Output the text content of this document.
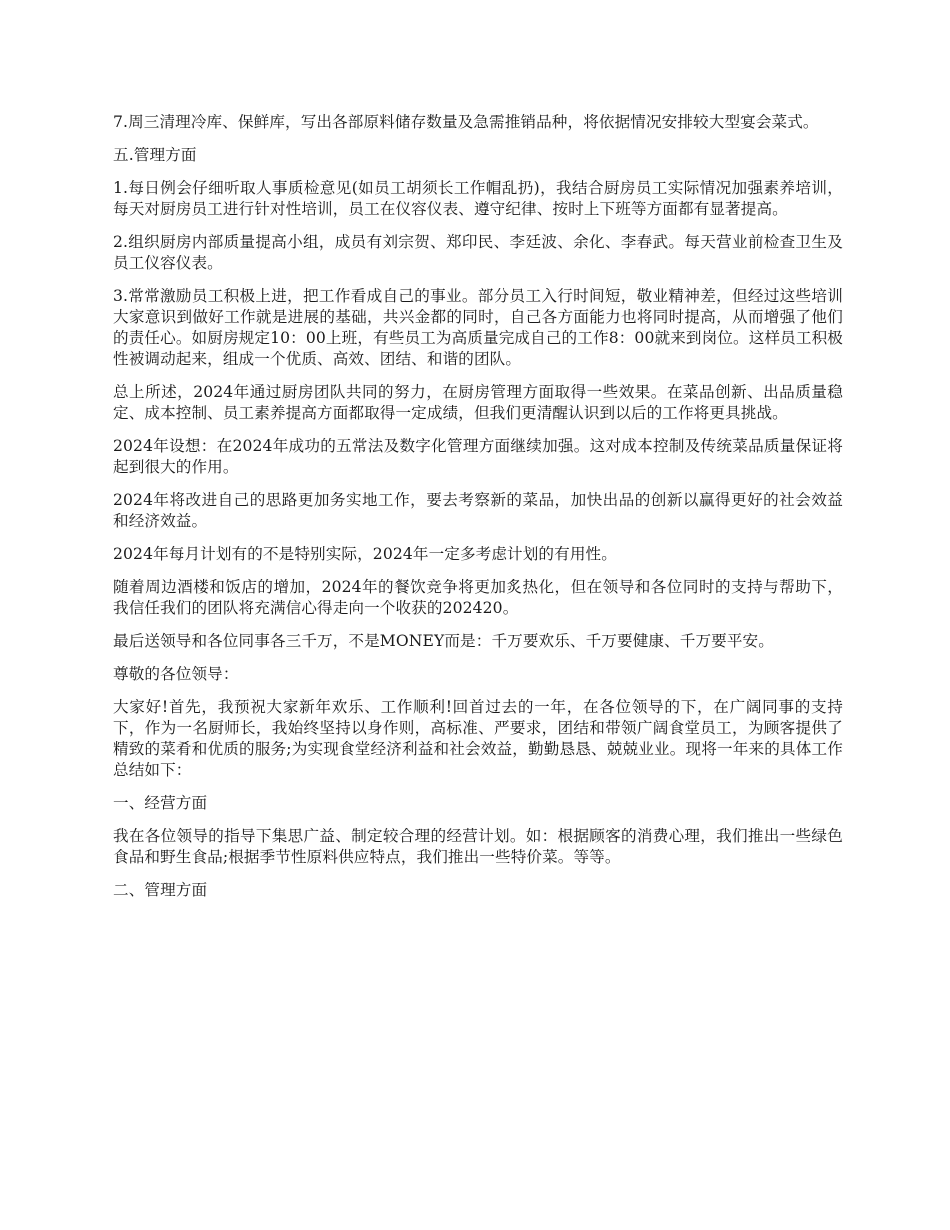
7.周三清理冷库、保鲜库，写出各部原料储存数量及急需推销品种，将依据情况安排较大型宴会菜式。

五.管理方面

1.每日例会仔细听取人事质检意见(如员工胡须长工作帽乱扔)，我结合厨房员工实际情况加强素养培训，每天对厨房员工进行针对性培训，员工在仪容仪表、遵守纪律、按时上下班等方面都有显著提高。

2.组织厨房内部质量提高小组，成员有刘宗贺、郑印民、李廷波、余化、李春武。每天营业前检查卫生及员工仪容仪表。

3.常常激励员工积极上进，把工作看成自己的事业。部分员工入行时间短，敬业精神差，但经过这些培训大家意识到做好工作就是进展的基础，共兴金都的同时，自己各方面能力也将同时提高，从而增强了他们的责任心。如厨房规定10：00上班，有些员工为高质量完成自己的工作8：00就来到岗位。这样员工积极性被调动起来，组成一个优质、高效、团结、和谐的团队。

总上所述，2024年通过厨房团队共同的努力，在厨房管理方面取得一些效果。在菜品创新、出品质量稳定、成本控制、员工素养提高方面都取得一定成绩，但我们更清醒认识到以后的工作将更具挑战。

2024年设想：在2024年成功的五常法及数字化管理方面继续加强。这对成本控制及传统菜品质量保证将起到很大的作用。

2024年将改进自己的思路更加务实地工作，要去考察新的菜品，加快出品的创新以赢得更好的社会效益和经济效益。

2024年每月计划有的不是特别实际，2024年一定多考虑计划的有用性。

随着周边酒楼和饭店的增加，2024年的餐饮竞争将更加炙热化，但在领导和各位同时的支持与帮助下，我信任我们的团队将充满信心得走向一个收获的202420。

最后送领导和各位同事各三千万，不是MONEY而是：千万要欢乐、千万要健康、千万要平安。

尊敬的各位领导：

大家好!首先，我预祝大家新年欢乐、工作顺利!回首过去的一年，在各位领导的下，在广阔同事的支持下，作为一名厨师长，我始终坚持以身作则，高标准、严要求，团结和带领广阔食堂员工，为顾客提供了精致的菜肴和优质的服务;为实现食堂经济利益和社会效益，勤勤恳恳、兢兢业业。现将一年来的具体工作总结如下：

一、经营方面

我在各位领导的指导下集思广益、制定较合理的经营计划。如：根据顾客的消费心理，我们推出一些绿色食品和野生食品;根据季节性原料供应特点，我们推出一些特价菜。等等。

二、管理方面
